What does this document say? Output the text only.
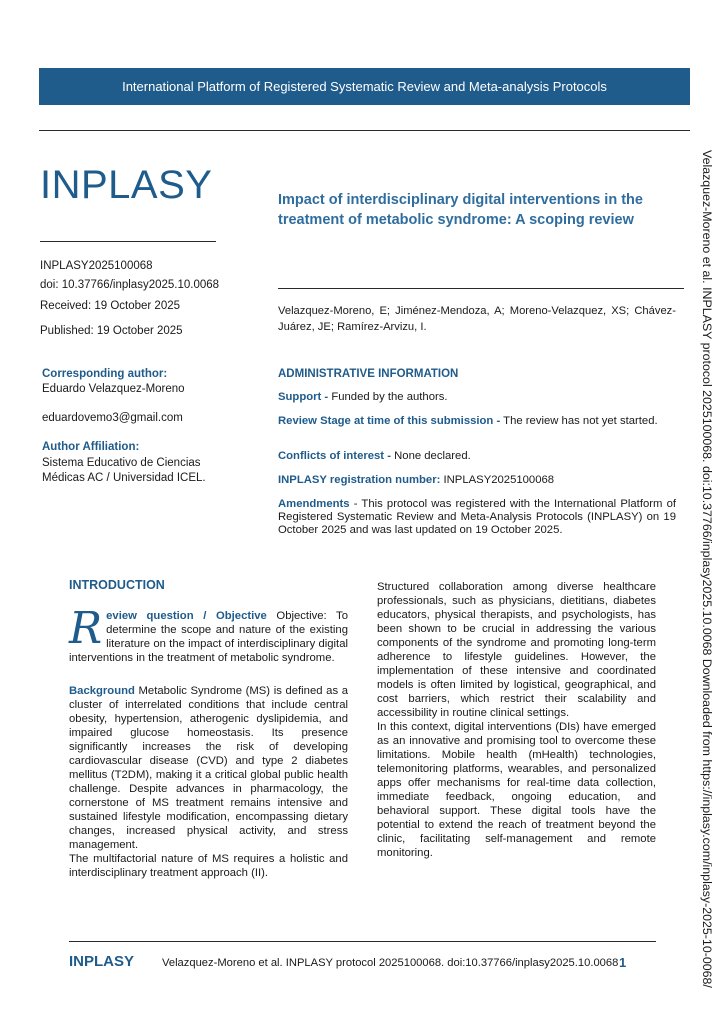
International Platform of Registered Systematic Review and Meta-analysis Protocols
INPLASY
INPLASY2025100068
doi: 10.37766/inplasy2025.10.0068
Received: 19 October 2025
Published: 19 October 2025
Impact of interdisciplinary digital interventions in the treatment of metabolic syndrome: A scoping review
Velazquez-Moreno, E; Jiménez-Mendoza, A; Moreno-Velazquez, XS; Chávez-Juárez, JE; Ramírez-Arvizu, I.
Corresponding author:
Eduardo Velazquez-Moreno
eduardovemo3@gmail.com
Author Affiliation:
Sistema Educativo de Ciencias
Médicas AC / Universidad ICEL.
ADMINISTRATIVE INFORMATION
Support - Funded by the authors.
Review Stage at time of this submission - The review has not yet started.
Conflicts of interest - None declared.
INPLASY registration number: INPLASY2025100068
Amendments - This protocol was registered with the International Platform of Registered Systematic Review and Meta-Analysis Protocols (INPLASY) on 19 October 2025 and was last updated on 19 October 2025.
INTRODUCTION
Review question / Objective Objective: To determine the scope and nature of the existing literature on the impact of interdisciplinary digital interventions in the treatment of metabolic syndrome.
Background Metabolic Syndrome (MS) is defined as a cluster of interrelated conditions that include central obesity, hypertension, atherogenic dyslipidemia, and impaired glucose homeostasis. Its presence significantly increases the risk of developing cardiovascular disease (CVD) and type 2 diabetes mellitus (T2DM), making it a critical global public health challenge. Despite advances in pharmacology, the cornerstone of MS treatment remains intensive and sustained lifestyle modification, encompassing dietary changes, increased physical activity, and stress management.
The multifactorial nature of MS requires a holistic and interdisciplinary treatment approach (II).
Structured collaboration among diverse healthcare professionals, such as physicians, dietitians, diabetes educators, physical therapists, and psychologists, has been shown to be crucial in addressing the various components of the syndrome and promoting long-term adherence to lifestyle guidelines. However, the implementation of these intensive and coordinated models is often limited by logistical, geographical, and cost barriers, which restrict their scalability and accessibility in routine clinical settings.
In this context, digital interventions (DIs) have emerged as an innovative and promising tool to overcome these limitations. Mobile health (mHealth) technologies, telemonitoring platforms, wearables, and personalized apps offer mechanisms for real-time data collection, immediate feedback, ongoing education, and behavioral support. These digital tools have the potential to extend the reach of treatment beyond the clinic, facilitating self-management and remote monitoring.
INPLASY Velazquez-Moreno et al. INPLASY protocol 2025100068. doi:10.37766/inplasy2025.10.0068 1	Velazquez-Moreno et al. INPLASY protocol 2025100068. doi:10.37766/inplasy2025.10.0068 Downloaded from https://inplasy.com/inplasy-2025-10-0068/
